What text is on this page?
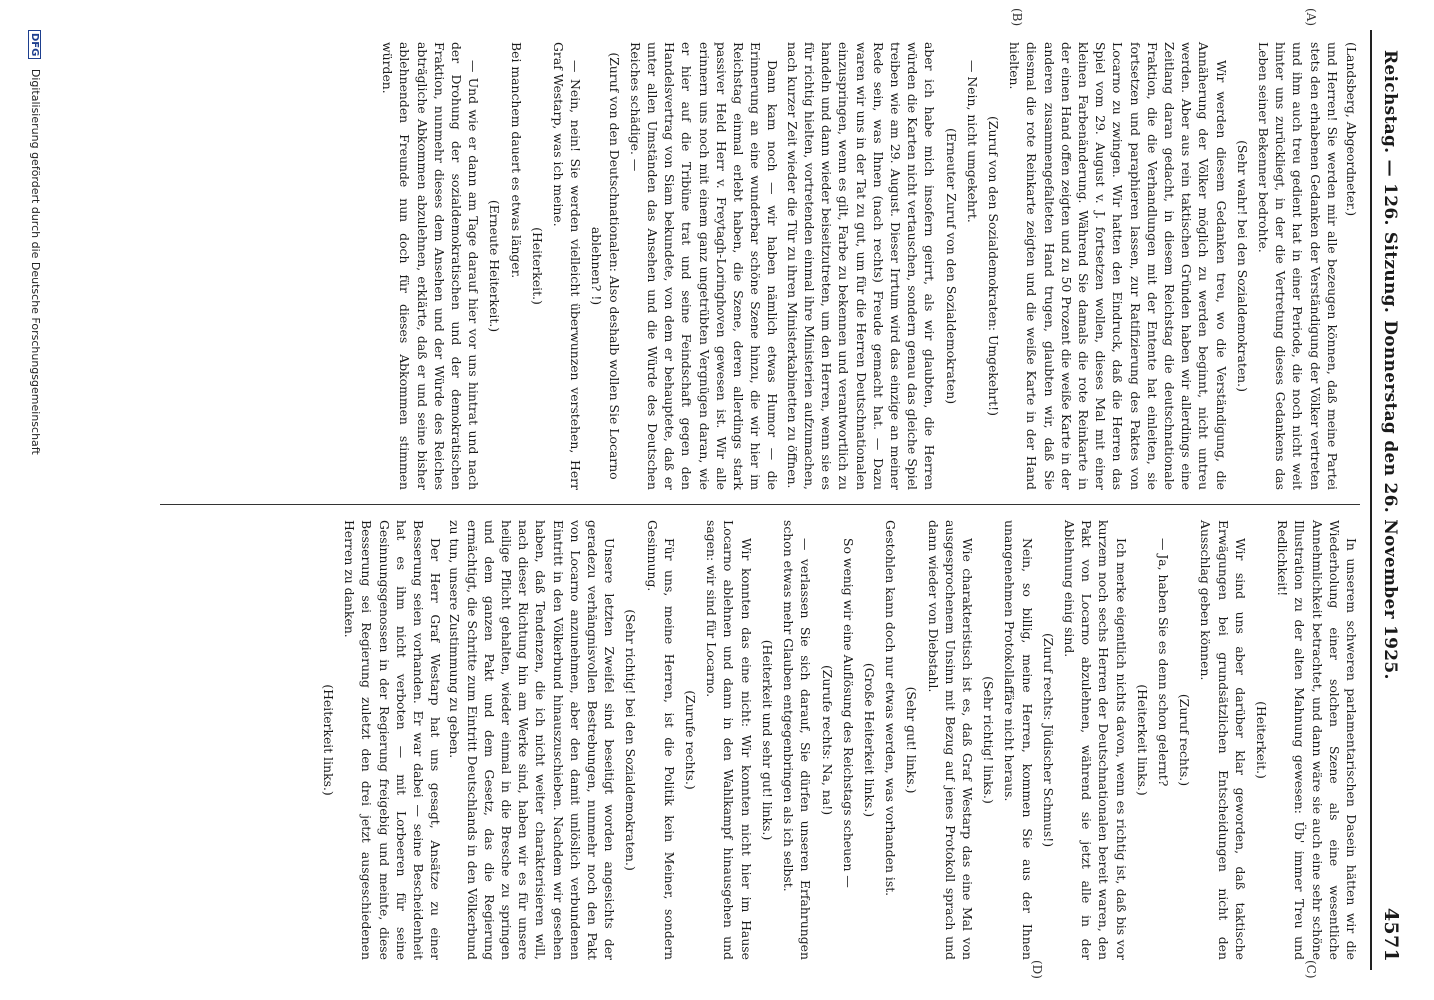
Reichstag. — 126. Sitzung.
Donnerstag den 26. November 1925.
4571
(A)
(B)
(C)
(D)

(Landsberg, Abgeordneter.)

und Herren! Sie werden mir alle bezeugen können, daß meine Partei stets den erhabenen Gedanken der Verständigung der Völker vertreten und ihm auch treu gedient hat in einer Periode, die noch nicht weit hinter uns zurückliegt, in der die Vertretung dieses Gedankens das Leben seiner Bekenner bedrohte.

(Sehr wahr! bei den Sozialdemokraten.)

Wir werden diesem Gedanken treu, wo die Verständigung, die Annäherung der Völker möglich zu werden beginnt, nicht untreu werden. Aber aus rein taktischen Gründen haben wir allerdings eine Zeitlang daran gedacht, in diesem Reichstag die deutschnationale Fraktion, die die Verhandlungen mit der Entente hat einleiten, sie fortsetzen und paraphieren lassen, zur Ratifizierung des Paktes von Locarno zu zwingen. Wir hatten den Eindruck, daß die Herren das Spiel vom 29. August v. J. fortsetzen wollen, dieses Mal mit einer kleinen Farbenänderung. Während Sie damals die rote Reinkarte in der einen Hand offen zeigten und zu 50 Prozent die weiße Karte in der anderen zusammengefalteten Hand trugen, glaubten wir, daß Sie diesmal die rote Reinkarte zeigten und die weiße Karte in der Hand hielten.

(Zuruf von den Sozialdemokraten: Umgekehrt!)

— Nein, nicht umgekehrt.

(Erneuter Zuruf von den Sozialdemokraten)

aber ich habe mich insofern geirrt, als wir glaubten, die Herren würden die Karten nicht vertauschen, sondern genau das gleiche Spiel treiben wie am 29. August. Dieser Irrtum wird das einzige an meiner Rede sein, was Ihnen (nach rechts) Freude gemacht hat. — Dazu waren wir uns in der Tat zu gut, um für die Herren Deutschnationalen einzuspringen, wenn es gilt, Farbe zu bekennen und verantwortlich zu handeln und dann wieder beiseitzutreten, um den Herren, wenn sie es für richtig hielten, vortretenden einmal ihre Ministerien aufzumachen, nach kurzer Zeit wieder die Tür zu ihren Ministerkabinetten zu öffnen.

Dann kam noch — wir haben nämlich etwas Humor — die Erinnerung an eine wunderbar schöne Szene hinzu, die wir hier im Reichstag einmal erlebt haben, die Szene, deren allerdings stark passiver Held Herr v. Freytagh-Loringhoven gewesen ist. Wir alle erinnern uns noch mit einem ganz ungetrübten Vergnügen daran, wie er hier auf die Tribüne trat und seine Feindschaft gegen den Handelsvertrag von Siam bekundete, von dem er behauptete, daß er unter allen Umständen das Ansehen und die Würde des Deutschen Reiches schädige. —

(Zuruf von den Deutschnationalen: Also deshalb wollen Sie Locarno ablehnen? !)

— Nein, nein! Sie werden vielleicht überwunzen verstehen, Herr Graf Westarp, was ich meine.

(Heiterkeit.)

Bei manchem dauert es etwas länger.

(Erneute Heiterkeit.)

— Und wie er dann am Tage darauf hier vor uns hintrat und nach der Drohung der sozialdemokratischen und der demokratischen Fraktion, nunmehr dieses dem Ansehen und der Würde des Reiches abträgliche Abkommen abzulehnen, erklärte, daß er und seine bisher ablehnenden Freunde nun doch für dieses Abkommen stimmen würden.

In unserem schweren parlamentarischen Dasein hätten wir die Wiederholung einer solchen Szene als eine wesentliche Annehmlichkeit betrachtet, und dann wäre sie auch eine sehr schöne Illustration zu der alten Mahnung gewesen: Üb' immer Treu und Redlichkeit!

(Heiterkeit.)

Wir sind uns aber darüber klar geworden, daß taktische Erwägungen bei grundsätzlichen Entscheidungen nicht den Ausschlag geben können.

(Zuruf rechts.)

— Ja, haben Sie es denn schon gelernt?

(Heiterkeit links.)

Ich merke eigentlich nichts davon, wenn es richtig ist, daß bis vor kurzem noch sechs Herren der Deutschnationalen bereit waren, den Pakt von Locarno abzulehnen, während sie jetzt alle in der Ablehnung einig sind.

(Zuruf rechts: Jüdischer Schmus!)

Nein, so billig, meine Herren, kommen Sie aus der Ihnen unangenehmen Protokollaffäre nicht heraus.

(Sehr richtig! links.)

Wie charakteristisch ist es, daß Graf Westarp das eine Mal von ausgesprochenem Unsinn mit Bezug auf jenes Protokoll sprach und dann wieder von Diebstahl.

(Sehr gut! links.)

Gestohlen kann doch nur etwas werden, was vorhanden ist.

(Große Heiterkeit links.)

So wenig wir eine Auflösung des Reichstags scheuen —

(Zurufe rechts: Na, na!)

— verlassen Sie sich darauf, Sie dürfen unseren Erfahrungen schon etwas mehr Glauben entgegenbringen als ich selbst.

(Heiterkeit und sehr gut! links.)

Wir konnten das eine nicht: Wir konnten nicht hier im Hause Locarno ablehnen und dann in den Wahlkampf hinausgehen und sagen: wir sind für Locarno.

(Zurufe rechts.)

Für uns, meine Herren, ist die Politik kein Meiner, sondern Gesinnung.

(Sehr richtig! bei den Sozialdemokraten.)

Unsere letzten Zweifel sind beseitigt worden angesichts der geradezu verhängnisvollen Bestrebungen, nunmehr noch den Pakt von Locarno anzunehmen, aber den damit unlöslich verbundenen Eintritt in den Völkerbund hinauszuschieben. Nachdem wir gesehen haben, daß Tendenzen, die ich nicht weiter charakterisieren will, nach dieser Richtung hin am Werke sind, haben wir es für unsere heilige Pflicht gehalten, wieder einmal in die Bresche zu springen und dem ganzen Pakt und dem Gesetz, das die Regierung ermächtigt, die Schritte zum Eintritt Deutschlands in den Völkerbund zu tun, unsere Zustimmung zu geben.

Der Herr Graf Westarp hat uns gesagt, Ansätze zu einer Besserung seien vorhanden. Er war dabei — seine Bescheidenheit hat es ihm nicht verboten — mit Lorbeeren für seine Gesinnungsgenossen in der Regierung freigebig und meinte, diese Besserung sei Regierung zuletzt den drei jetzt ausgeschiedenen Herren zu danken.

(Heiterkeit links.)

DFG Digitalisierung gefördert durch die Deutsche Forschungsgemeinschaft
